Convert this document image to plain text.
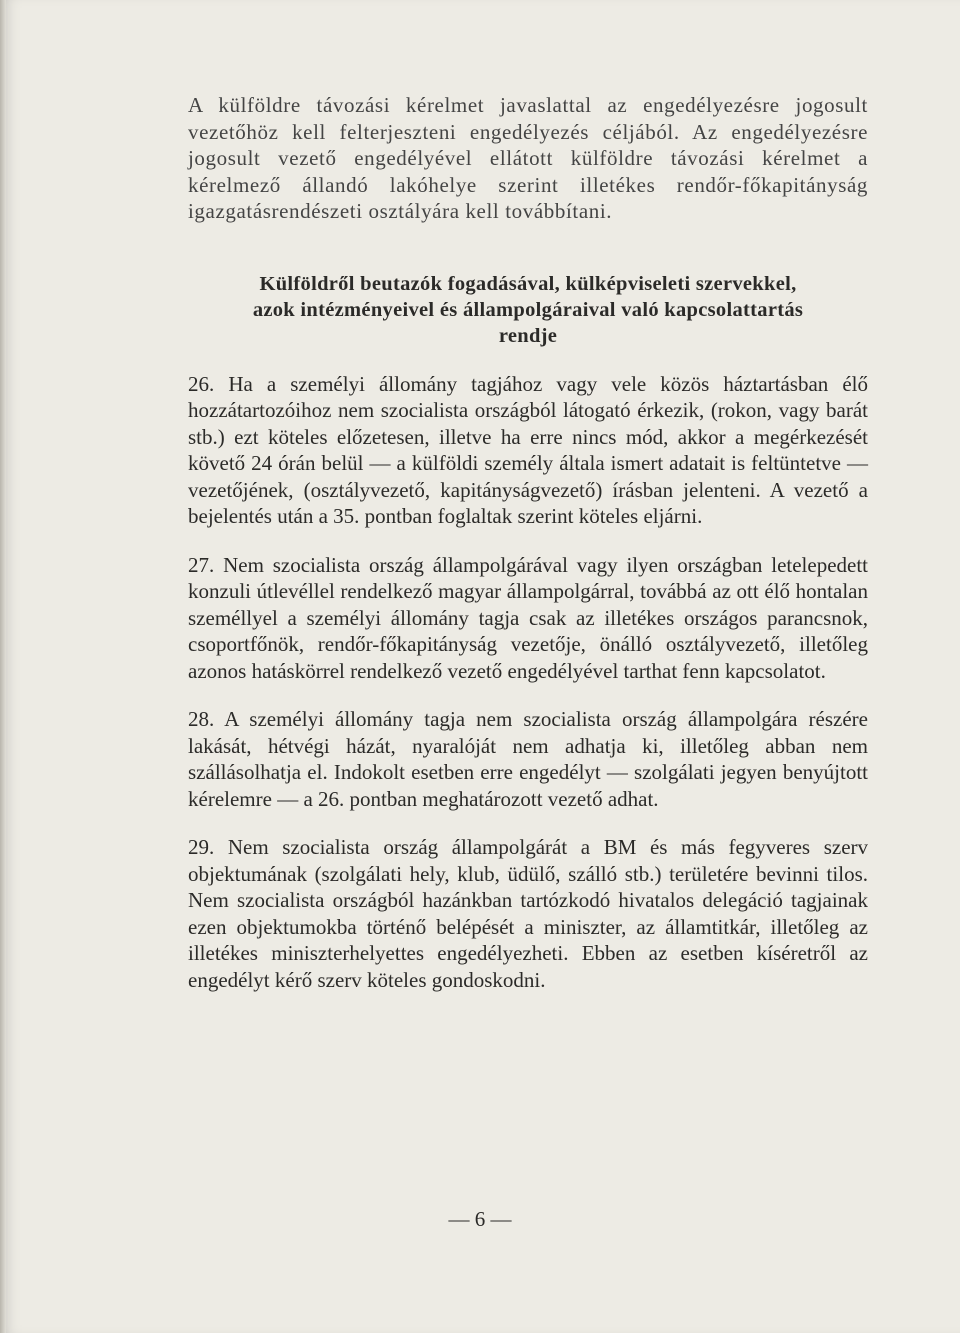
A külföldre távozási kérelmet javaslattal az engedélyezésre jogosult vezetőhöz kell felterjeszteni engedélyezés céljából. Az engedélyezésre jogosult vezető engedélyével ellátott külföldre távozási kérelmet a kérelmező állandó lakóhelye szerint illetékes rendőr-főkapitányság igazgatásrendészeti osztályára kell továbbítani.

Külföldről beutazók fogadásával, külképviseleti szervekkel,
azok intézményeivel és állampolgáraival való kapcsolattartás
rendje

26. Ha a személyi állomány tagjához vagy vele közös háztartásban élő hozzátartozóihoz nem szocialista országból látogató érkezik, (rokon, vagy barát stb.) ezt köteles előzetesen, illetve ha erre nincs mód, akkor a megérkezését követő 24 órán belül — a külföldi személy általa ismert adatait is feltüntetve — vezetőjének, (osztályvezető, kapitányságvezető) írásban jelenteni. A vezető a bejelentés után a 35. pontban foglaltak szerint köteles eljárni.

27. Nem szocialista ország állampolgárával vagy ilyen országban letelepedett konzuli útlevéllel rendelkező magyar állampolgárral, továbbá az ott élő hontalan személlyel a személyi állomány tagja csak az illetékes országos parancsnok, csoportfőnök, rendőr-főkapitányság vezetője, önálló osztályvezető, illetőleg azonos hatáskörrel rendelkező vezető engedélyével tarthat fenn kapcsolatot.

28. A személyi állomány tagja nem szocialista ország állampolgára részére lakását, hétvégi házát, nyaralóját nem adhatja ki, illetőleg abban nem szállásolhatja el. Indokolt esetben erre engedélyt — szolgálati jegyen benyújtott kérelemre — a 26. pontban meghatározott vezető adhat.

29. Nem szocialista ország állampolgárát a BM és más fegyveres szerv objektumának (szolgálati hely, klub, üdülő, szálló stb.) területére bevinni tilos. Nem szocialista országból hazánkban tartózkodó hivatalos delegáció tagjainak ezen objektumokba történő belépését a miniszter, az államtitkár, illetőleg az illetékes miniszterhelyettes engedélyezheti. Ebben az esetben kíséretről az engedélyt kérő szerv köteles gondoskodni.

— 6 —
